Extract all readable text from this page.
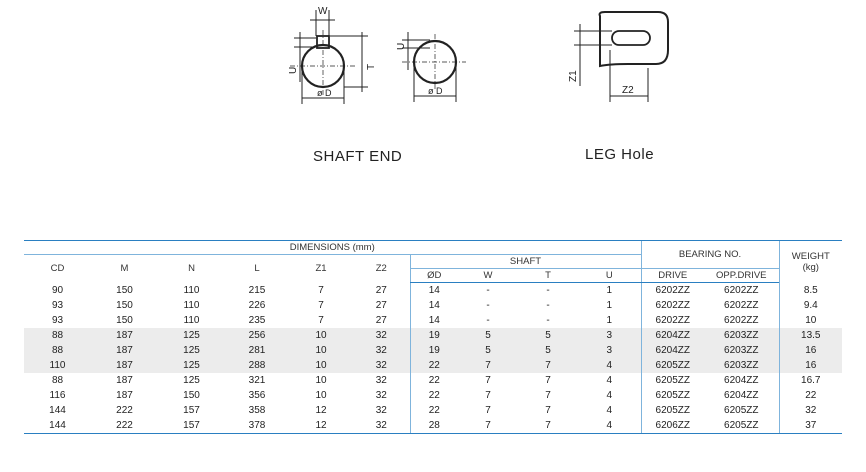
W
U	T
ø D
U
ø D
Z1
Z2
SHAFT END	LEG Hole
DIMENSIONS (mm)										BEARING NO.		WEIGHT
(kg)

CD	M	N	L	Z1	Z2	SHAFT						
						ØD	W	T	U	DRIVE	OPP.DRIVE	
90	150	110	215	7	27	14	-	-	1	6202ZZ	6202ZZ	8.5
93	150	110	226	7	27	14	-	-	1	6202ZZ	6202ZZ	9.4
93	150	110	235	7	27	14	-	-	1	6202ZZ	6202ZZ	10
88	187	125	256	10	32	19	5	5	3	6204ZZ	6203ZZ	13.5
88	187	125	281	10	32	19	5	5	3	6204ZZ	6203ZZ	16
110	187	125	288	10	32	22	7	7	4	6205ZZ	6203ZZ	16
88	187	125	321	10	32	22	7	7	4	6205ZZ	6204ZZ	16.7
116	187	150	356	10	32	22	7	7	4	6205ZZ	6204ZZ	22
144	222	157	358	12	32	22	7	7	4	6205ZZ	6205ZZ	32
144	222	157	378	12	32	28	7	7	4	6206ZZ	6205ZZ	37
